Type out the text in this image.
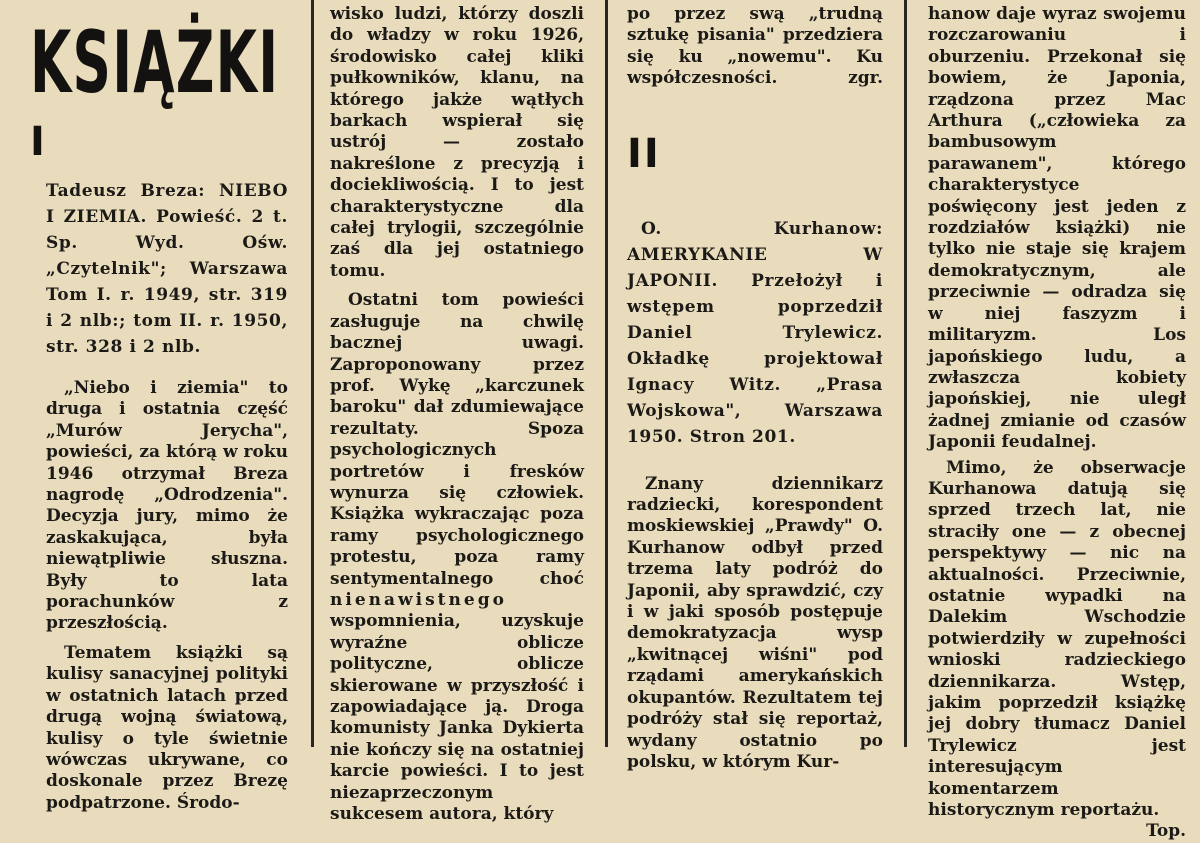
KSIĄŻKI
I

Tadeusz Breza: NIEBO I ZIEMIA. Powieść. 2 t. Sp. Wyd. Ośw. „Czytelnik"; Warszawa Tom I. r. 1949, str. 319 i 2 nlb:; tom II. r. 1950, str. 328 i 2 nlb.

„Niebo i ziemia" to druga i ostatnia część „Murów Jerycha", powieści, za którą w roku 1946 otrzymał Breza nagrodę „Odrodzenia". Decyzja jury, mimo że zaskakująca, była niewątpliwie słuszna. Były to lata porachunków z przeszłością.

Tematem książki są kulisy sanacyjnej polityki w ostatnich latach przed drugą wojną światową, kulisy o tyle świetnie wówczas ukrywane, co doskonale przez Brezę podpatrzone. Środo-

wisko ludzi, którzy doszli do władzy w roku 1926, środowisko całej kliki pułkowników, klanu, na którego jakże wątłych barkach wspierał się ustrój — zostało nakreślone z precyzją i dociekliwością. I to jest charakterystyczne dla całej trylogii, szczególnie zaś dla jej ostatniego tomu.

Ostatni tom powieści zasługuje na chwilę bacznej uwagi. Zaproponowany przez prof. Wykę „karczunek baroku" dał zdumiewające rezultaty. Spoza psychologicznych portretów i fresków wynurza się człowiek. Książka wykraczając poza ramy psychologicznego protestu, poza ramy sentymentalnego choć nienawistnego wspomnienia, uzyskuje wyraźne oblicze polityczne, oblicze skierowane w przyszłość i zapowiadające ją. Droga komunisty Janka Dykierta nie kończy się na ostatniej karcie powieści. I to jest niezaprzeczonym sukcesem autora, który

po przez swą „trudną sztukę pisania" przedziera się ku „nowemu". Ku współczesności.	zgr.

II

O. Kurhanow: AMERYKANIE W JAPONII. Przełożył i wstępem poprzedził Daniel Trylewicz. Okładkę projektował Ignacy Witz. „Prasa Wojskowa", Warszawa 1950. Stron 201.

Znany dziennikarz radziecki, korespondent moskiewskiej „Prawdy" O. Kurhanow odbył przed trzema laty podróż do Japonii, aby sprawdzić, czy i w jaki sposób postępuje demokratyzacja wysp „kwitnącej wiśni" pod rządami amerykańskich okupantów. Rezultatem tej podróży stał się reportaż, wydany ostatnio po polsku, w którym Kur-

hanow daje wyraz swojemu rozczarowaniu i oburzeniu. Przekonał się bowiem, że Japonia, rządzona przez Mac Arthura („człowieka za bambusowym parawanem", którego charakterystyce poświęcony jest jeden z rozdziałów książki) nie tylko nie staje się krajem demokratycznym, ale przeciwnie — odradza się w niej faszyzm i militaryzm. Los japońskiego ludu, a zwłaszcza kobiety japońskiej, nie uległ żadnej zmianie od czasów Japonii feudalnej.

Mimo, że obserwacje Kurhanowa datują się sprzed trzech lat, nie straciły one — z obecnej perspektywy — nic na aktualności. Przeciwnie, ostatnie wypadki na Dalekim Wschodzie potwierdziły w zupełności wnioski radzieckiego dziennikarza. Wstęp, jakim poprzedził książkę jej dobry tłumacz Daniel Trylewicz jest interesującym komentarzem historycznym reportażu.
Top.
